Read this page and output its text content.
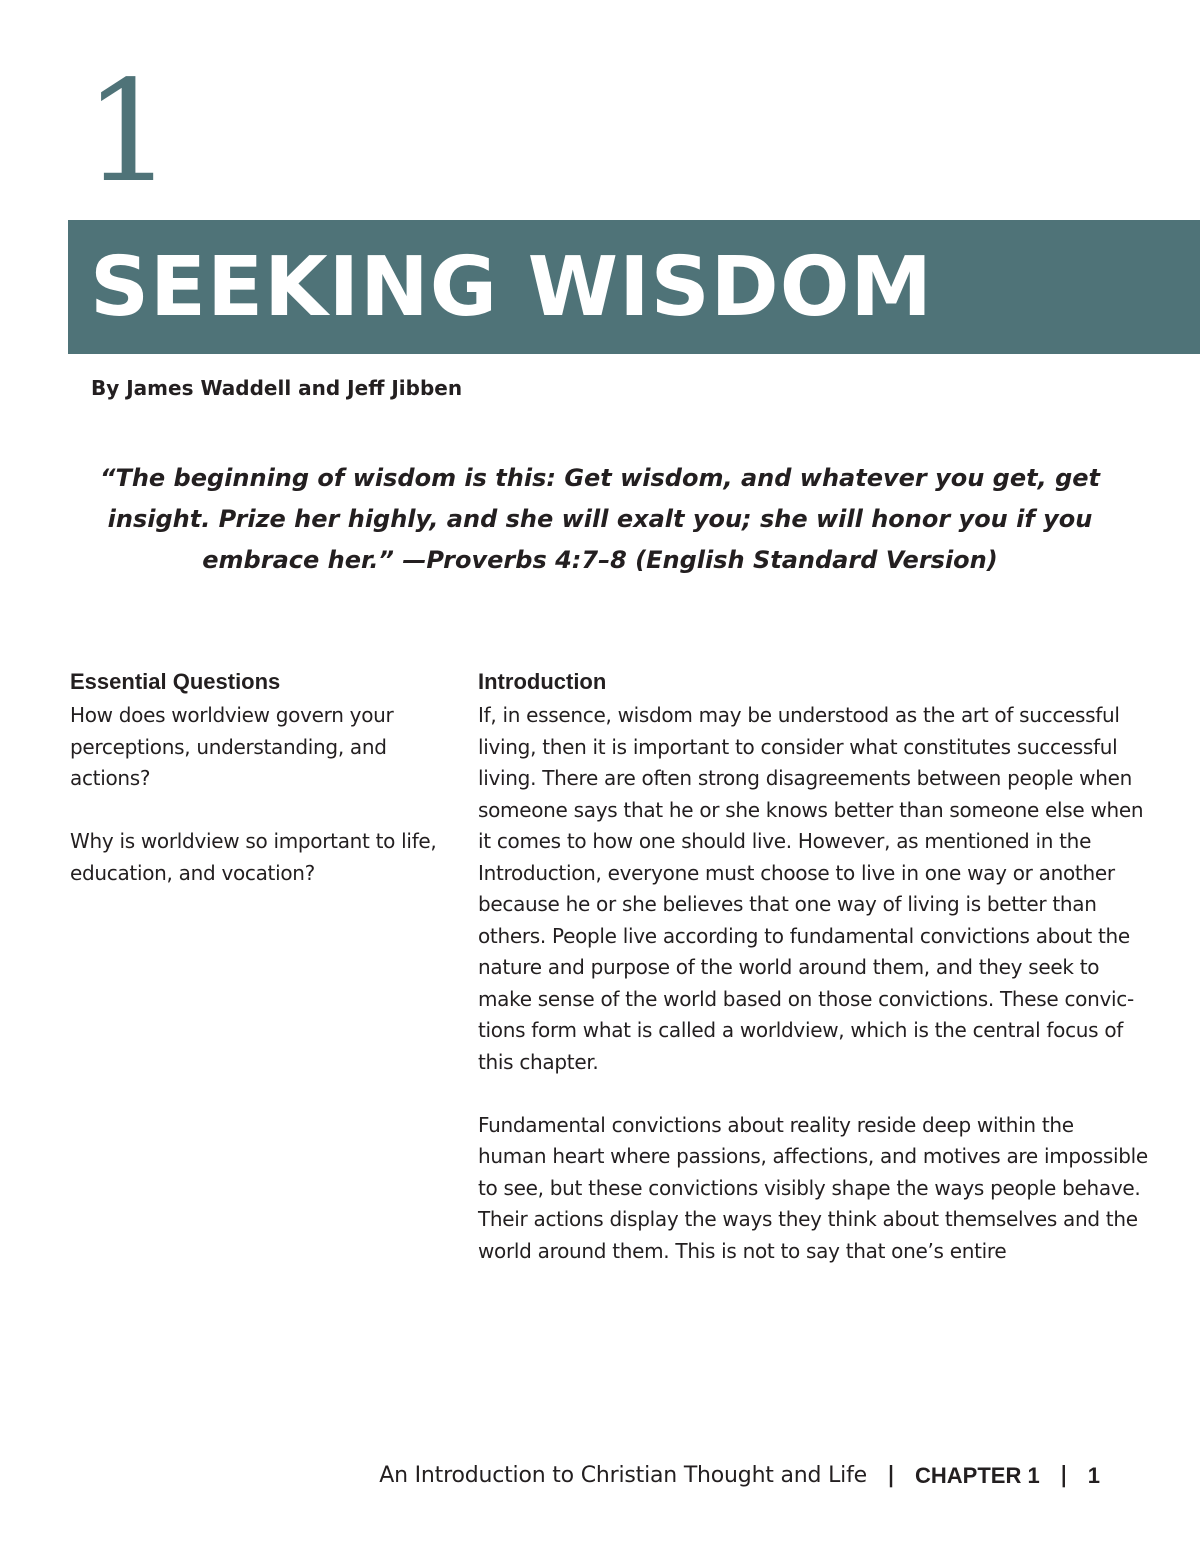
1
SEEKING WISDOM
By James Waddell and Jeff Jibben
“The beginning of wisdom is this: Get wisdom, and whatever you get, get insight. Prize her highly, and she will exalt you; she will honor you if you embrace her.” —Proverbs 4:7–8 (English Standard Version)
Essential Questions

How does worldview govern your perceptions, understanding, and actions?

Why is worldview so important to life, education, and vocation?

Introduction

If, in essence, wisdom may be understood as the art of successful living, then it is important to consider what constitutes successful living. There are often strong disagreements between people when someone says that he or she knows better than someone else when it comes to how one should live. However, as mentioned in the Introduction, everyone must choose to live in one way or another because he or she believes that one way of living is better than others. People live according to fundamental convictions about the nature and purpose of the world around them, and they seek to make sense of the world based on those convictions. These convic-tions form what is called a worldview, which is the central focus of this chapter.

Fundamental convictions about reality reside deep within the human heart where passions, affections, and motives are impossible to see, but these convictions visibly shape the ways people behave. Their actions display the ways they think about themselves and the world around them. This is not to say that one’s entire

An Introduction to Christian Thought and Life | CHAPTER 1 | 1
